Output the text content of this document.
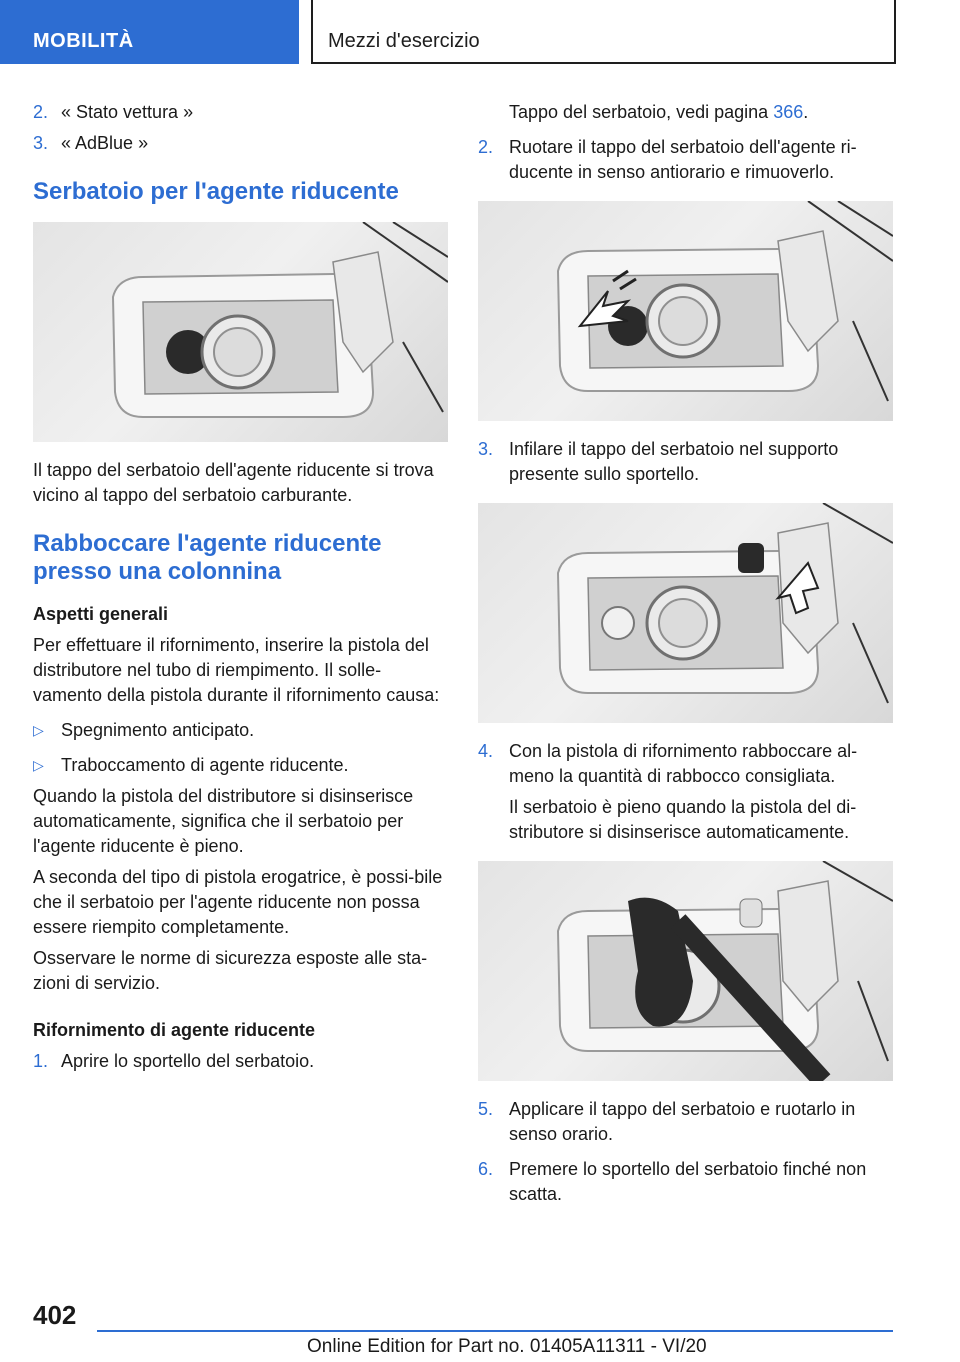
MOBILITÀ	Mezzi d'esercizio
2. « Stato vettura »
3. « AdBlue »
Serbatoio per l'agente riducente

Il tappo del serbatoio dell'agente riducente si trova vicino al tappo del serbatoio carburante.

Rabboccare l'agente riducente presso una colonnina
Aspetti generali

Per effettuare il rifornimento, inserire la pistola del distributore nel tubo di riempimento. Il solle-vamento della pistola durante il rifornimento causa:

▷ Spegnimento anticipato.
▷ Traboccamento di agente riducente.

Quando la pistola del distributore si disinserisce automaticamente, significa che il serbatoio per l'agente riducente è pieno.

A seconda del tipo di pistola erogatrice, è possi-bile che il serbatoio per l'agente riducente non possa essere riempito completamente.

Osservare le norme di sicurezza esposte alle sta-zioni di servizio.

Rifornimento di agente riducente
1. Aprire lo sportello del serbatoio.

Tappo del serbatoio, vedi pagina 366.

2. Ruotare il tappo del serbatoio dell'agente ri-ducente in senso antiorario e rimuoverlo.
3. Infilare il tappo del serbatoio nel supporto presente sullo sportello.
4. Con la pistola di rifornimento rabboccare al-meno la quantità di rabbocco consigliata.

Il serbatoio è pieno quando la pistola del di-stributore si disinserisce automaticamente.

5. Applicare il tappo del serbatoio e ruotarlo in senso orario.
6. Premere lo sportello del serbatoio finché non scatta.
402
Online Edition for Part no. 01405A11311 - VI/20
